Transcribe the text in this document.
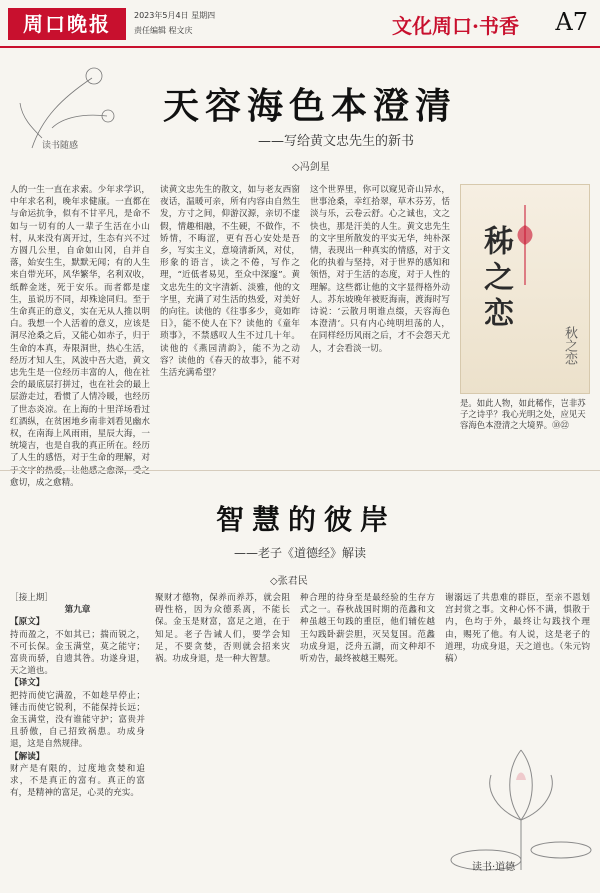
周口晚报	2023年5月4日 星期四
责任编辑 程文庆	文化周口·书香 A7
读书随感
天容海色本澄清
——写给黄文忠先生的新书
◇冯剑星
人的一生一直在求索。少年求学识，中年求名利，晚年求健康。一直都在与命运抗争，似有不甘平凡，是命不如与一切有的人一辈子生活在小山村，从来没有离开过，生态有兴不过方圆几公里，自命如山冈，自并自落，始安生生，默默无闻；有的人生来自带光环，风华繁华，名利双收，纸醉金迷，死于安乐。而者都是虚生，虽说历不同，却殊途同归。至于生命真正的意义，实在无从人推以明白。我想一个人活着的意义，应该是洞尽沧桑之后，又能心如赤子，归于生命的本真，寿限洞世，热心生活，经历才知人生，风波中吾大造，黄文忠先生是一位经历丰富的人，他在社会的最底层打拼过，也在社会的最上层游走过，看惯了人情冷暖，也经历了世态炎凉。在上海的十里洋场看过红酒纵，在贫困地乡南非刘看见幽水权，在南海上风雨雨，星辰大海，一统境吉，也是自我的真正所在。经历了人生的感悟，对于生命的理解，对 愈切，成之愈精。
读黄文忠先生的散文，如与老友西窗夜话，温暖可亲，所有内容由自然生发，方寸之间，仰游汉源，亲切不虚假，情趣相融，不生硬，不做作，不矫情，不晦涩，更有吾心安处是吾乡，写实主义，意境清新风，对仗，形象的语言，读之不倦，写作之理，“近低者易见，至众中深邃”。黄文忠先生的文字清新、淡雅，他的文字里，充满了对生活的热爱，对美好的向往。读他的《往事多少，竟如昨日》，能不使人在下？读他的《童年琐事》，不禁感叹人生不过几十年。读他的《燕园清韵》，能不为之动容？读他的《春天的故事》，能不对生活充满希望？
这个世界里，你可以窥见奇山异水，世事沧桑，幸红拾翠，草木芬芳，恬淡与乐，云卷云舒。心之诚也，文之快也，那是汗美的人生。黄文忠先生的文字里所散发的平实无华，纯朴深情，表现出一种真实的情感，对于文化的执着与坚持，对于世界的感知和领悟，对于生活的态度，对于人性的理解。这些都让他的文字显得格外动人。苏东坡晚年被贬海南，渡海时写诗说：‘云散月明谁点缀，天容海色本澄清’。只有内心纯明坦荡的人，在同样经历风雨之后，才不会怨天尤人，才会看淡一切。
秭之恋
秋之恋
是。如此人物，如此稀作，岂非苏子之诗乎？我心光明之处，应见天容海色本澄清之大境界。⑩㉒
智慧的彼岸
——老子《道德经》解读
◇张君民
［接上期］
第九章
【原文】
持而盈之，不如其已；揣而锐之，不可长保。金玉满堂，莫之能守；富贵而骄，自遗其咎。功遂身退，天之道也。
【译文】
把持而使它满盈，不如趁早停止；锤击而使它锐利，不能保持长远；金玉满堂，没有谁能守护；富贵并且骄傲，自己招致祸患。功成身退，这是自然规律。
【解读】
财产是有限的，过度地贪婪和追求，不是真正的富有。真正的富有，是精神的富足，心灵的充实。
聚财才德物，保养而养苏，就会阻碍性格，因为众德系离，不能长保。金玉是财富，富足之道，在于知足。老子告诫人们，要学会知足，不要贪婪，否则就会招来灾祸。功成身退，是一种大智慧。
种合理的待身至是最经验的生存方式之一。春秋战国时期的范蠡和文种虽越王句践的重臣，他们辅佐越王勾践卧薪尝胆，灭吴复国。范蠡功成身退，泛舟五湖，而文种却不听劝告，最终被越王赐死。
谢溺远了共患难的群臣，至亲不恩划宫封赏之事。文种心怀不满，惧散于内，色均于外，最终让勾践找个理由，赐死了他。有人说，这是老子的道理，功成身退，天之道也。（朱元钧稿）
读书·道德
